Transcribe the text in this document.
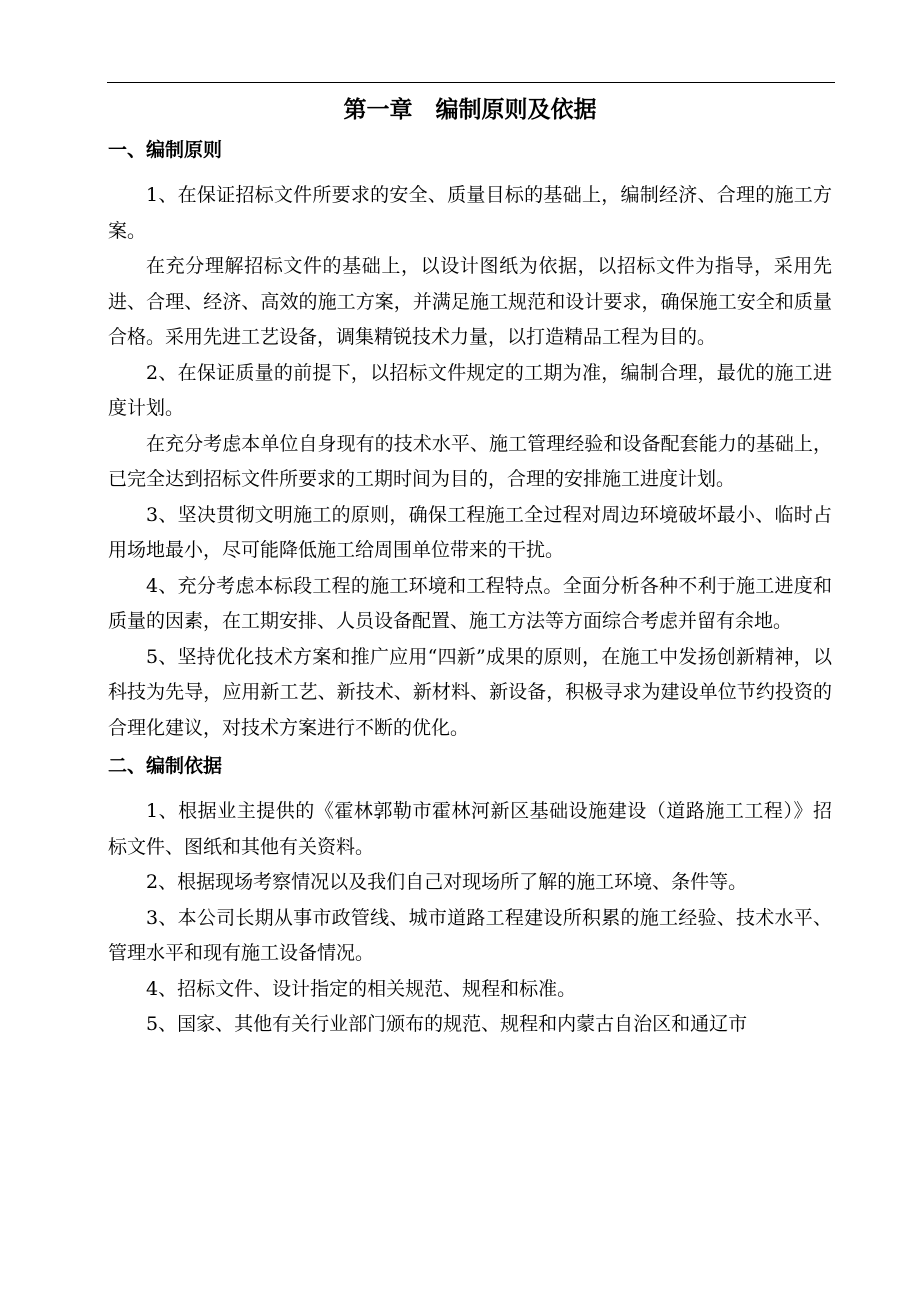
第一章　编制原则及依据
一、编制原则

1、在保证招标文件所要求的安全、质量目标的基础上，编制经济、合理的施工方案。

在充分理解招标文件的基础上，以设计图纸为依据，以招标文件为指导，采用先进、合理、经济、高效的施工方案，并满足施工规范和设计要求，确保施工安全和质量合格。采用先进工艺设备，调集精锐技术力量，以打造精品工程为目的。

2、在保证质量的前提下，以招标文件规定的工期为准，编制合理，最优的施工进度计划。

在充分考虑本单位自身现有的技术水平、施工管理经验和设备配套能力的基础上，已完全达到招标文件所要求的工期时间为目的，合理的安排施工进度计划。

3、坚决贯彻文明施工的原则，确保工程施工全过程对周边环境破坏最小、临时占用场地最小，尽可能降低施工给周围单位带来的干扰。

4、充分考虑本标段工程的施工环境和工程特点。全面分析各种不利于施工进度和质量的因素，在工期安排、人员设备配置、施工方法等方面综合考虑并留有余地。

5、坚持优化技术方案和推广应用“四新”成果的原则，在施工中发扬创新精神，以科技为先导，应用新工艺、新技术、新材料、新设备，积极寻求为建设单位节约投资的合理化建议，对技术方案进行不断的优化。

二、编制依据

1、根据业主提供的《霍林郭勒市霍林河新区基础设施建设（道路施工工程）》招标文件、图纸和其他有关资料。

2、根据现场考察情况以及我们自己对现场所了解的施工环境、条件等。

3、本公司长期从事市政管线、城市道路工程建设所积累的施工经验、技术水平、管理水平和现有施工设备情况。

4、招标文件、设计指定的相关规范、规程和标准。

5、国家、其他有关行业部门颁布的规范、规程和内蒙古自治区和通辽市
